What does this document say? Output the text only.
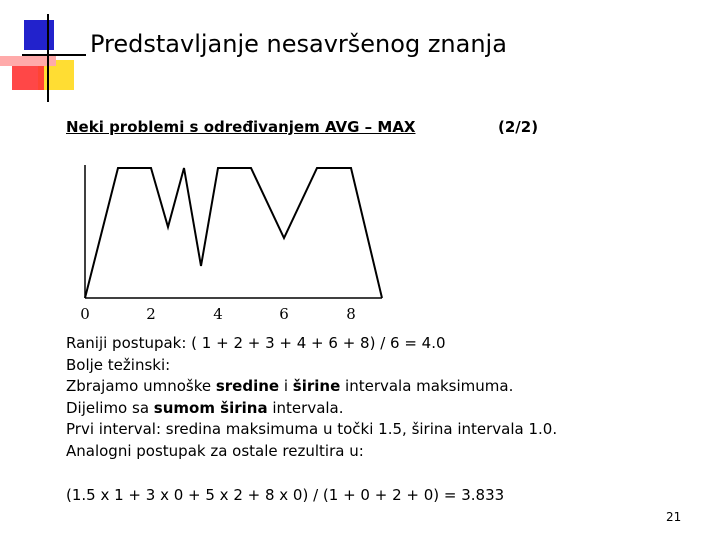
Predstavljanje nesavršenog znanja
Neki problemi s određivanjem AVG – MAX	(2/2)
0	2	4	6	8
Raniji postupak: ( 1 + 2 + 3 + 4 + 6 + 8) / 6 = 4.0
Bolje težinski:
Zbrajamo umnoške sredine i širine intervala maksimuma.
Dijelimo sa sumom širina intervala.
Prvi interval: sredina maksimuma u točki 1.5, širina intervala 1.0.
Analogni postupak za ostale rezultira u:
(1.5 x 1 + 3 x 0 + 5 x 2 + 8 x 0) / (1 + 0 + 2 + 0) = 3.833
21
